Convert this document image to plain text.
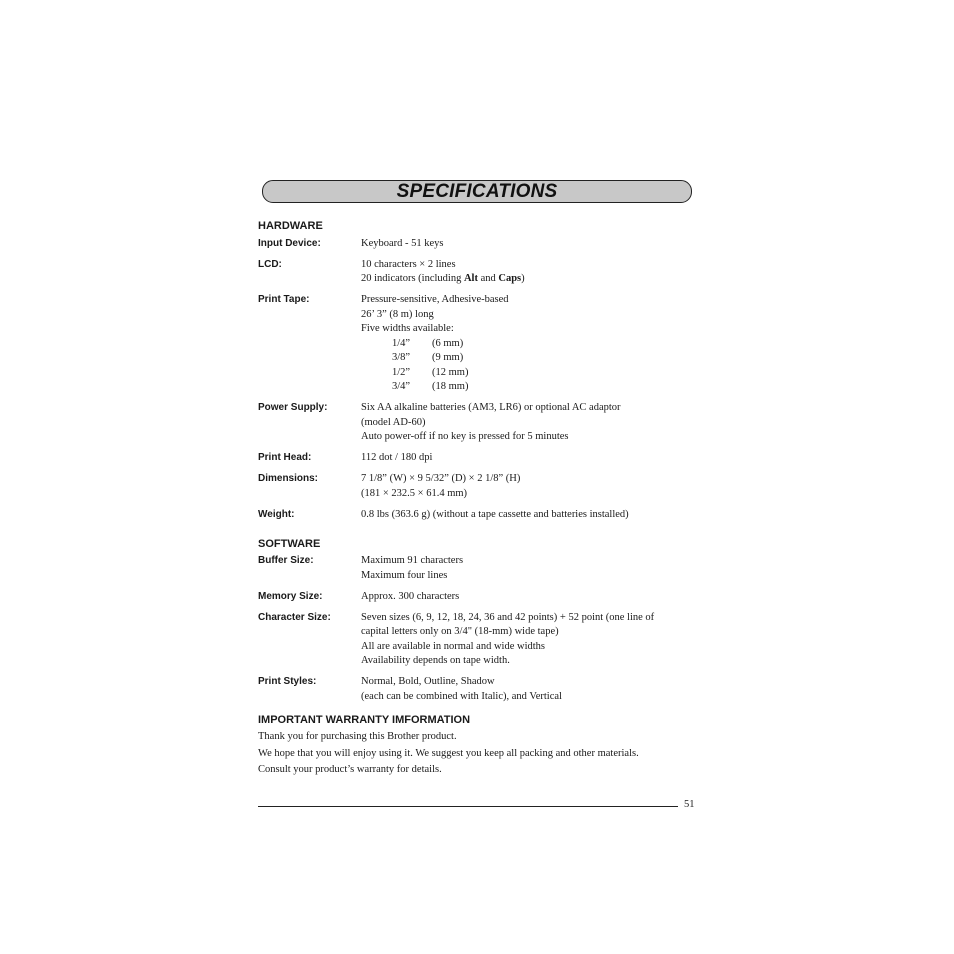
SPECIFICATIONS
HARDWARE
Input Device:	Keyboard - 51 keys
LCD:	10 characters × 2 lines
20 indicators (including Alt and Caps)
Print Tape:	Pressure-sensitive, Adhesive-based
26’ 3” (8 m) long
Five widths available:
1/4”	(6 mm)
3/8”	(9 mm)
1/2”	(12 mm)
3/4”	(18 mm)
Power Supply:	Six AA alkaline batteries (AM3, LR6) or optional AC adaptor
(model AD-60)
Auto power-off if no key is pressed for 5 minutes
Print Head:	112 dot / 180 dpi
Dimensions:	7 1/8” (W) × 9 5/32” (D) × 2 1/8” (H)
(181 × 232.5 × 61.4 mm)
Weight:	0.8 lbs (363.6 g) (without a tape cassette and batteries installed)
SOFTWARE
Buffer Size:	Maximum 91 characters
Maximum four lines
Memory Size:	Approx. 300 characters
Character Size:	Seven sizes (6, 9, 12, 18, 24, 36 and 42 points) + 52 point (one line of
capital letters only on 3/4" (18-mm) wide tape)
All are available in normal and wide widths
Availability depends on tape width.
Print Styles:	Normal, Bold, Outline, Shadow
(each can be combined with Italic), and Vertical
IMPORTANT WARRANTY IMFORMATION
Thank you for purchasing this Brother product.
We hope that you will enjoy using it. We suggest you keep all packing and other materials.
Consult your product’s warranty for details.
51
